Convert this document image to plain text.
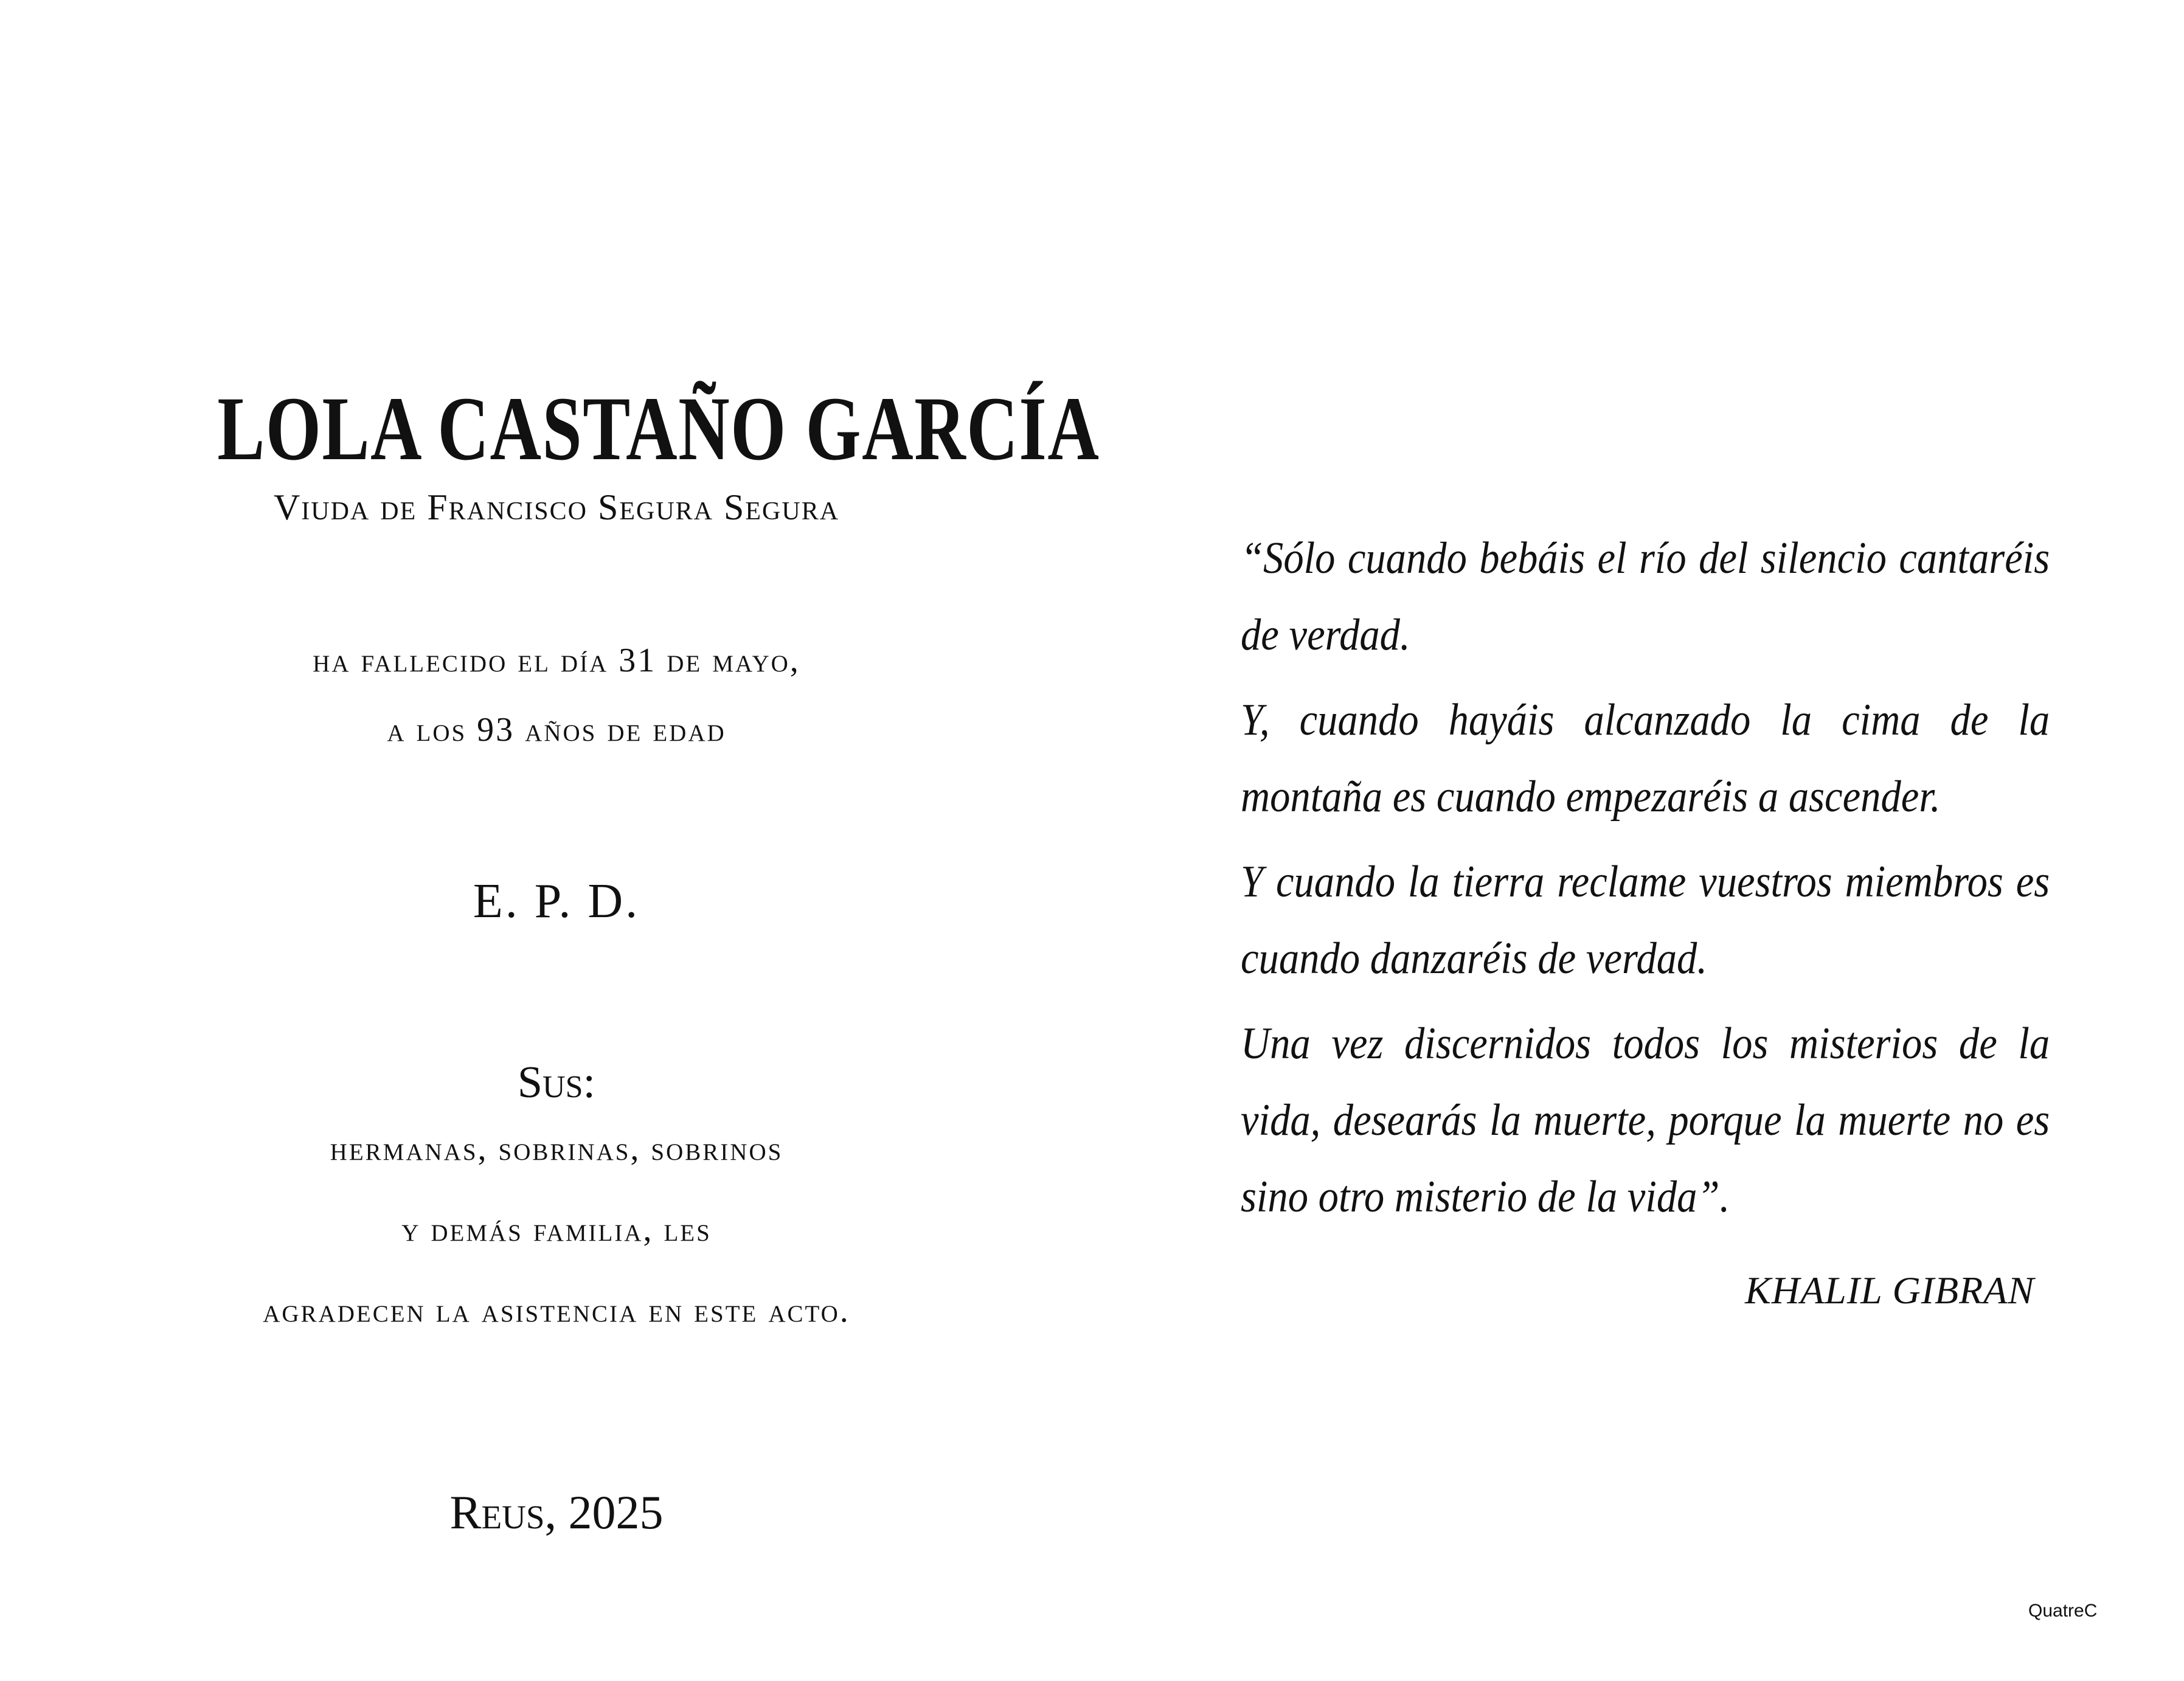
LOLA CASTAÑO GARCÍA
Viuda de Francisco Segura Segura
ha fallecido el día 31 de mayo,
a los 93 años de edad
E. P. D.
Sus:
hermanas, sobrinas, sobrinos
y demás familia, les
agradecen la asistencia en este acto.
Reus, 2025

“Sólo cuando bebáis el río del silencio cantaréis de verdad.

Y, cuando hayáis alcanzado la cima de la montaña es cuando empezaréis a ascender.

Y cuando la tierra reclame vuestros miembros es cuando danzaréis de verdad.

Una vez discernidos todos los misterios de la vida, desearás la muerte, porque la muerte no es sino otro misterio de la vida”.

KHALIL GIBRAN
QuatreC
